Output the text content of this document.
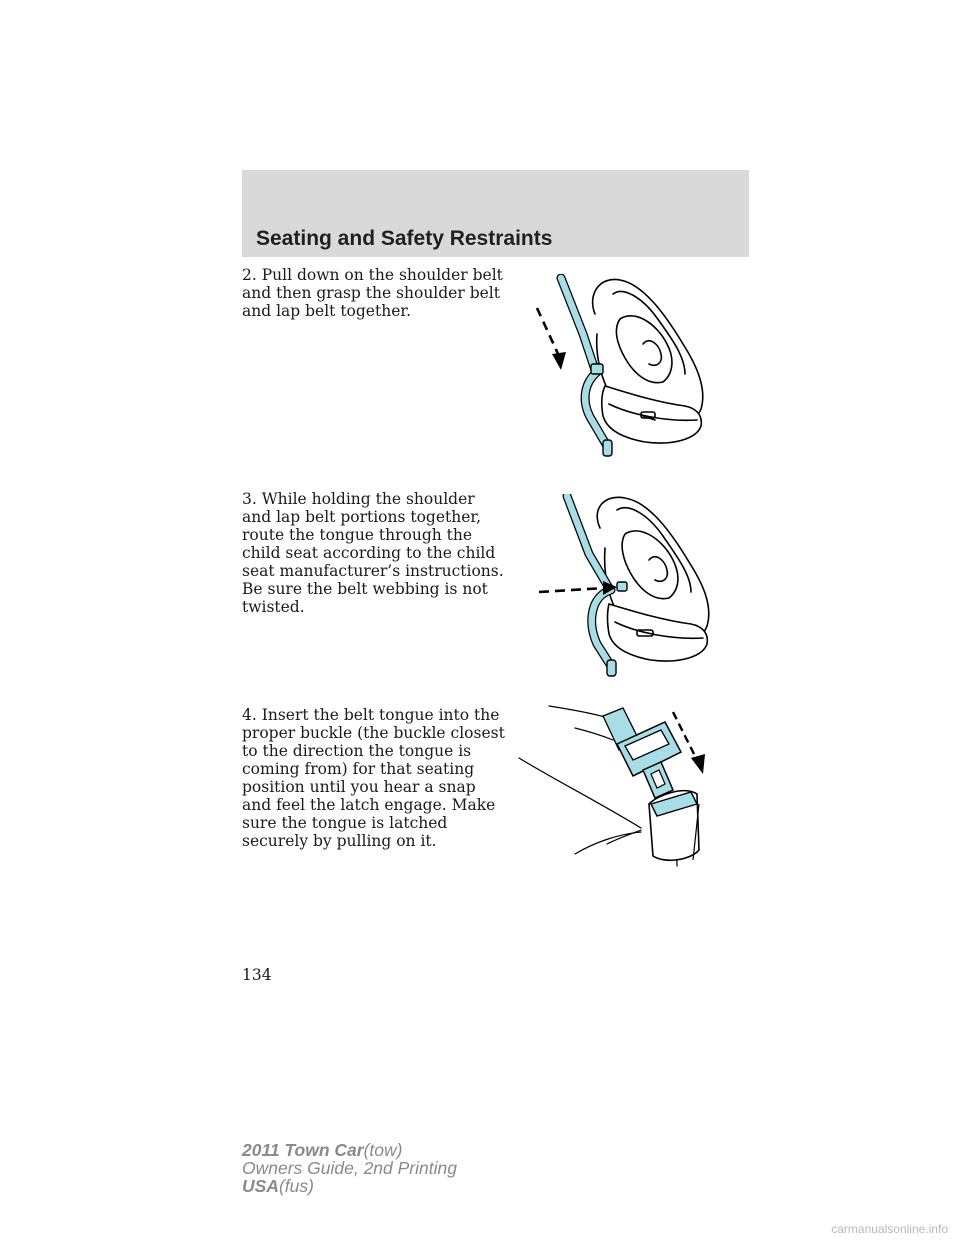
Seating and Safety Restraints

2. Pull down on the shoulder belt and then grasp the shoulder belt and lap belt together.

3. While holding the shoulder and lap belt portions together, route the tongue through the child seat according to the child seat manufacturer’s instructions. Be sure the belt webbing is not twisted.

4. Insert the belt tongue into the proper buckle (the buckle closest to the direction the tongue is coming from) for that seating position until you hear a snap and feel the latch engage. Make sure the tongue is latched securely by pulling on it.

134

2011 Town Car(tow)
Owners Guide, 2nd Printing
USA(fus)
carmanualsonline.info
